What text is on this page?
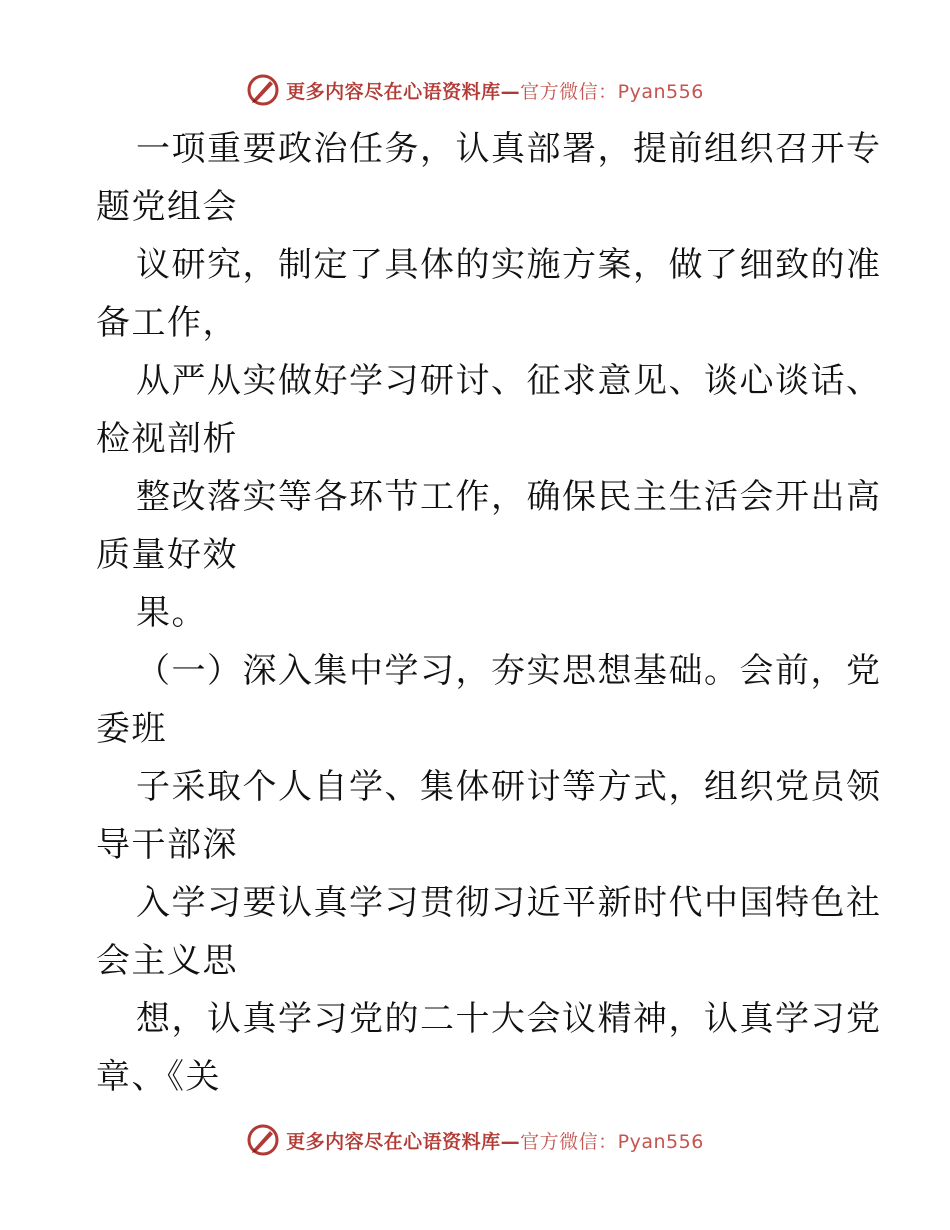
更多内容尽在心语资料库—官方微信：Pyan556
一项重要政治任务，认真部署，提前组织召开专
题党组会
议研究，制定了具体的实施方案，做了细致的准
备工作，
从严从实做好学习研讨、征求意见、谈心谈话、
检视剖析
整改落实等各环节工作，确保民主生活会开出高
质量好效
果。
（一）深入集中学习，夯实思想基础。会前，党
委班
子采取个人自学、集体研讨等方式，组织党员领
导干部深
入学习要认真学习贯彻习近平新时代中国特色社
会主义思
想，认真学习党的二十大会议精神，认真学习党
章、《关
更多内容尽在心语资料库—官方微信：Pyan556
